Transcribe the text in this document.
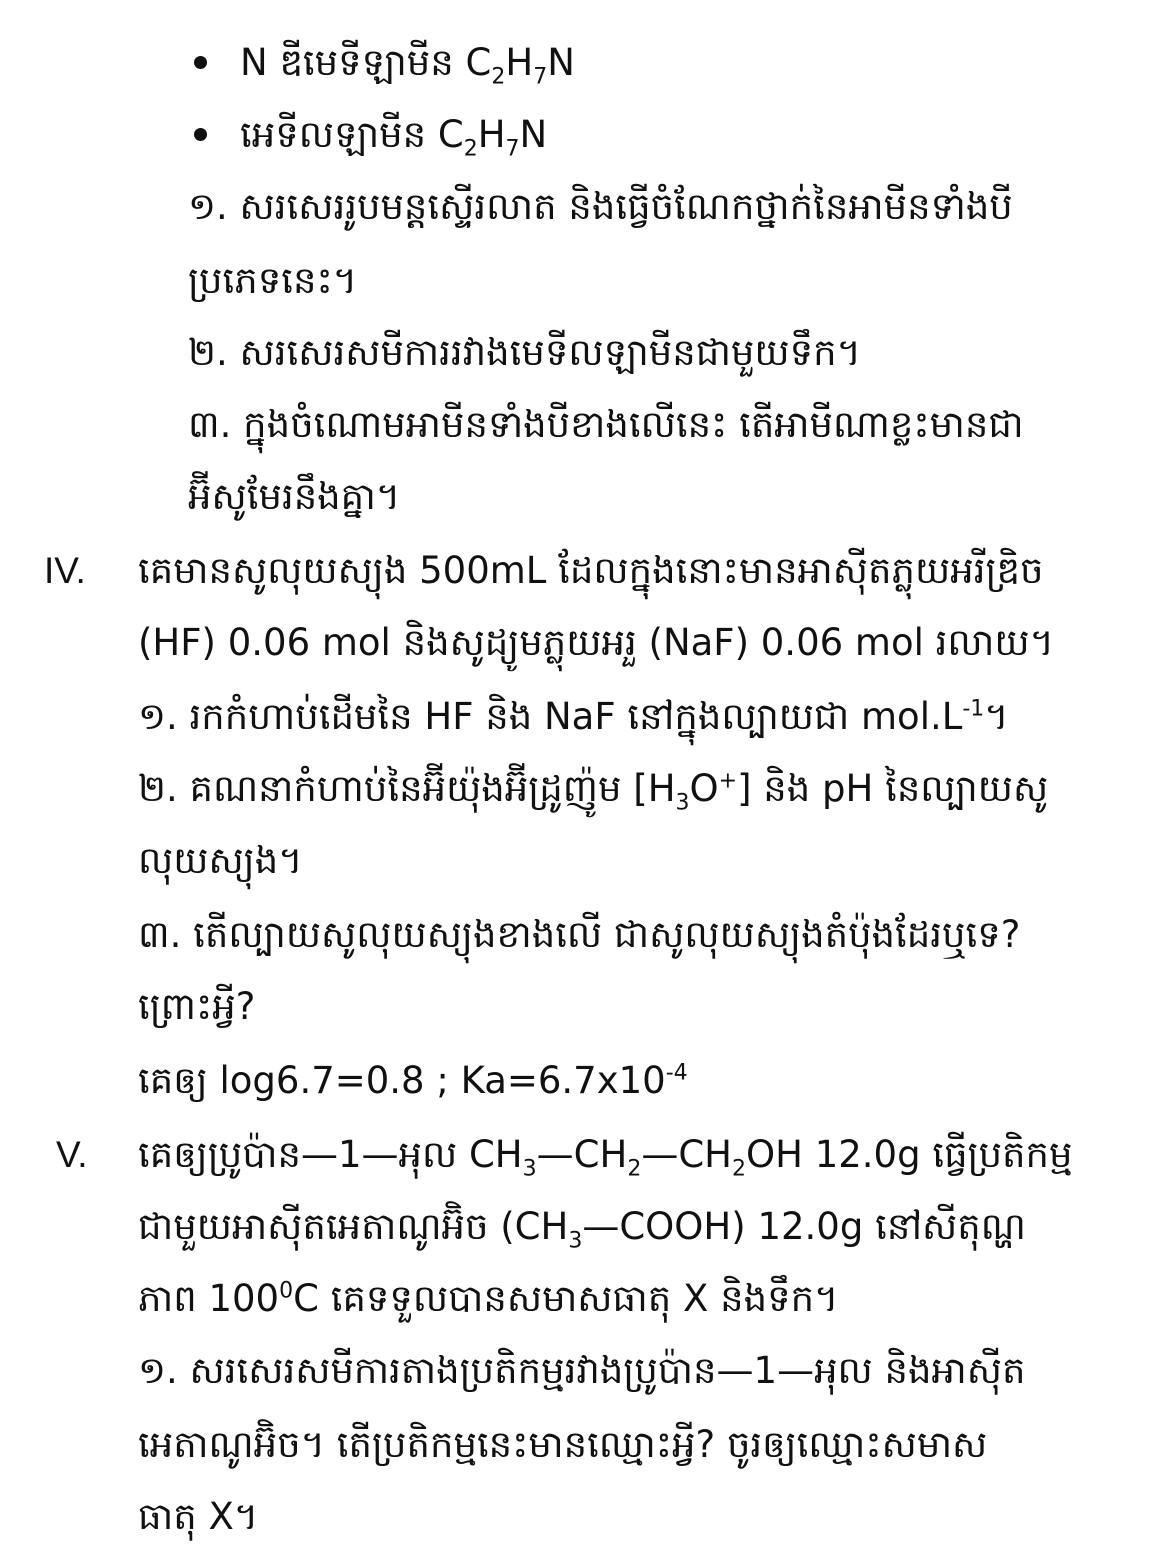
N ឌីមេទីឡាមីន $C_2H_7N$
អេទីលឡាមីន $C_2H_7N$
១. សរសេររូបមន្តស្ទើរលាត និងធ្វើចំណែកថ្នាក់នៃអាមីនទាំងបី
ប្រភេទនេះ។
២. សរសេរសមីការរវាងមេទីលឡាមីនជាមួយទឹក។
៣. ក្នុងចំណោមអាមីនទាំងបីខាងលើនេះ តើអាមីណាខ្លះមានជា
អ៊ីសូមែរនឹងគ្នា។
IV. គេមានសូលុយស្យុង 500mL ដែលក្នុងនោះមានអាស៊ីតភ្លុយអរីឌ្រិច
(HF) 0.06 mol និងសូដ្យូមភ្លុយអរួ (NaF) 0.06 mol រលាយ។
១. រកកំហាប់ដើមនៃ HF និង NaF នៅក្នុងល្បាយជា $mol.L^{-1}$។
២. គណនាកំហាប់នៃអ៊ីយ៉ុងអ៊ីដ្រូញ៉ូម $[H_3O^+]$ និង pH នៃល្បាយសូ
លុយស្យុង។
៣. តើល្បាយសូលុយស្យុងខាងលើ ជាសូលុយស្យុងតំប៉ុងដែរឬទេ?
ព្រោះអ្វី?
គេឲ្យ log6.7=0.8 ; $Ka=6.7x10^{-4}$
V. គេឲ្យប្រូប៉ាន—1—អុល $CH_3—CH_2—CH_2OH$ 12.0g ធ្វើប្រតិកម្ម
ជាមួយអាស៊ីតអេតាណូអ៊ិច $(CH_3—COOH)$ 12.0g នៅសីតុណ្ហ
ភាព $100^0C$ គេទទួលបានសមាសធាតុ X និងទឹក។
១. សរសេរសមីការតាងប្រតិកម្មរវាងប្រូប៉ាន—1—អុល និងអាស៊ីត
អេតាណូអ៊ិច។ តើប្រតិកម្មនេះមានឈ្មោះអ្វី? ចូរឲ្យឈ្មោះសមាស
ធាតុ X។
